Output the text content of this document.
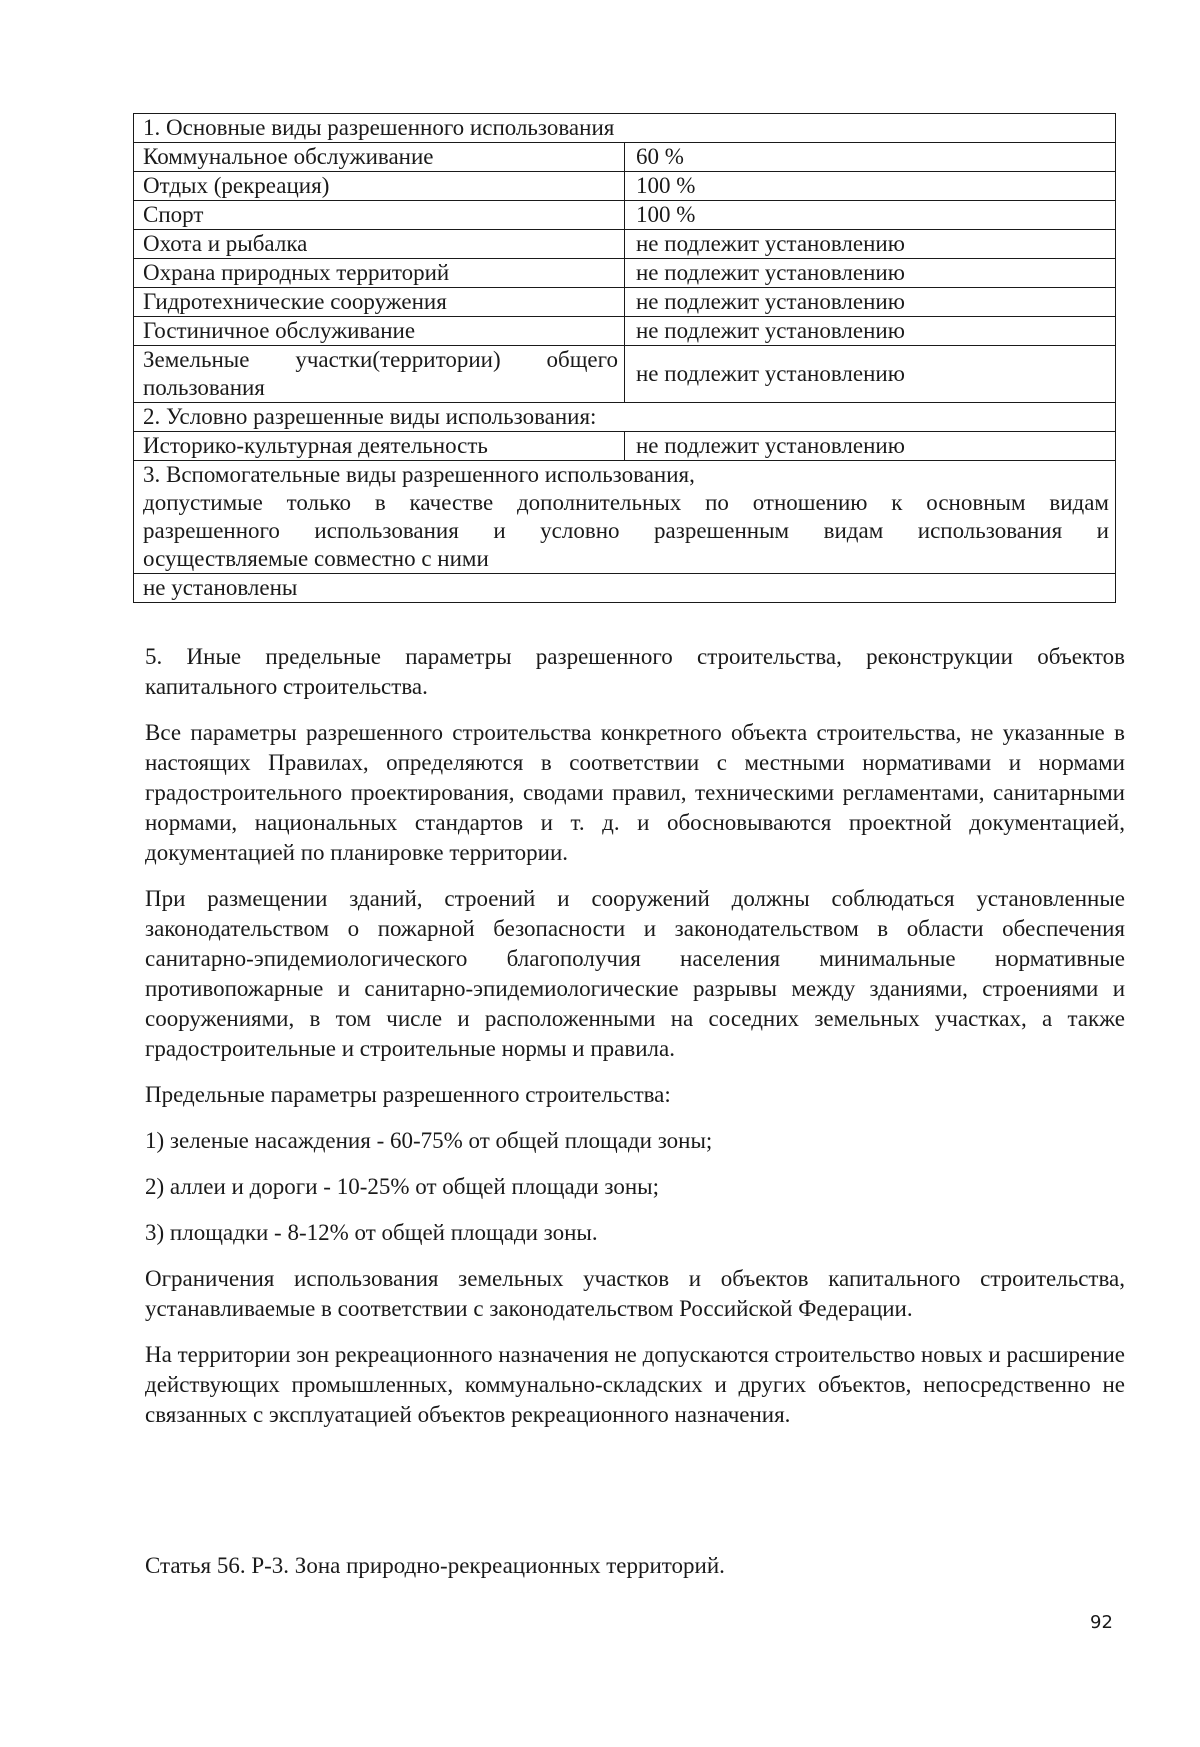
1. Основные виды разрешенного использования	
Коммунальное обслуживание	60 %
Отдых (рекреация)	100 %
Спорт	100 %
Охота и рыбалка	не подлежит установлению
Охрана природных территорий	не подлежит установлению
Гидротехнические сооружения	не подлежит установлению
Гостиничное обслуживание	не подлежит установлению

Земельные участки(территории) общего
пользования	не подлежит установлению
2. Условно разрешенные виды использования:	
Историко-культурная деятельность	не подлежит установлению

3. Вспомогательные виды разрешенного использования,
допустимые только в качестве дополнительных по отношению к основным видам
разрешенного использования и условно разрешенным видам использования и
осуществляемые совместно с ними	

не установлены	

5. Иные предельные параметры разрешенного строительства, реконструкции объектов капитального строительства.

Все параметры разрешенного строительства конкретного объекта строительства, не указанные в настоящих Правилах, определяются в соответствии с местными нормативами и нормами градостроительного проектирования, сводами правил, техническими регламентами, санитарными нормами, национальных стандартов и т. д. и обосновываются проектной документацией, документацией по планировке территории.

При размещении зданий, строений и сооружений должны соблюдаться установленные законодательством о пожарной безопасности и законодательством в области обеспечения санитарно-эпидемиологического благополучия населения минимальные нормативные противопожарные и санитарно-эпидемиологические разрывы между зданиями, строениями и сооружениями, в том числе и расположенными на соседних земельных участках, а также градостроительные и строительные нормы и правила.

Предельные параметры разрешенного строительства:

1) зеленые насаждения - 60-75% от общей площади зоны;

2) аллеи и дороги - 10-25% от общей площади зоны;

3) площадки - 8-12% от общей площади зоны.

Ограничения использования земельных участков и объектов капитального строительства, устанавливаемые в соответствии с законодательством Российской Федерации.

На территории зон рекреационного назначения не допускаются строительство новых и расширение действующих промышленных, коммунально-складских и других объектов, непосредственно не связанных с эксплуатацией объектов рекреационного назначения.

Статья 56. Р-3. Зона природно-рекреационных территорий.
92
